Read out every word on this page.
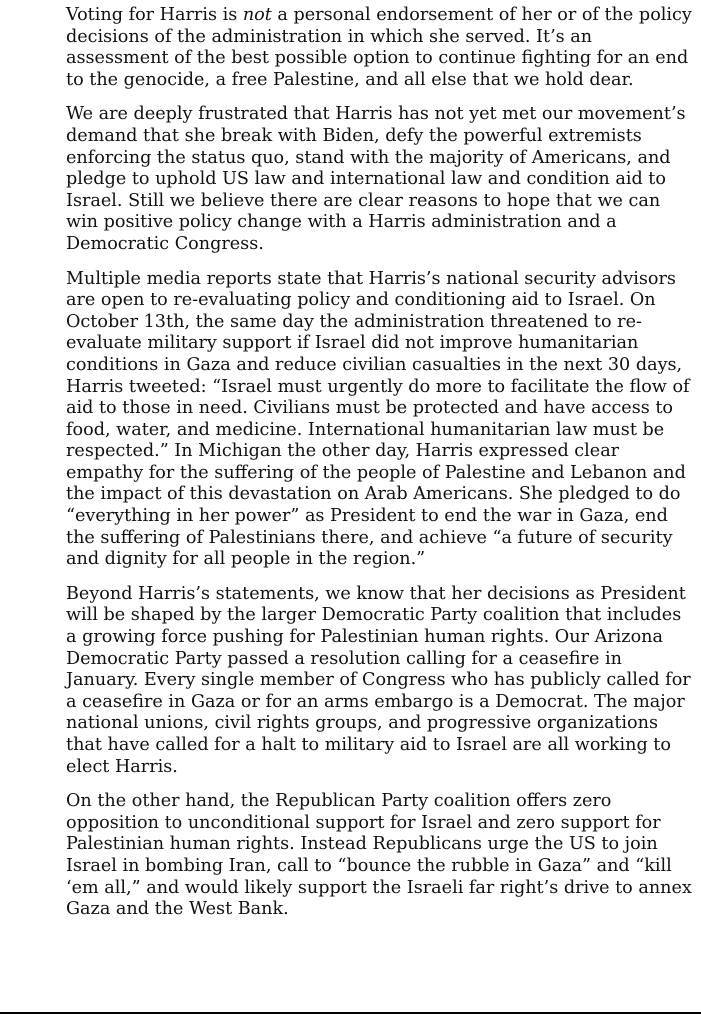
Voting for Harris is not a personal endorsement of her or of the policy decisions of the administration in which she served. It’s an assessment of the best possible option to continue fighting for an end to the genocide, a free Palestine, and all else that we hold dear.

We are deeply frustrated that Harris has not yet met our movement’s demand that she break with Biden, defy the powerful extremists enforcing the status quo, stand with the majority of Americans, and pledge to uphold US law and international law and condition aid to Israel. Still we believe there are clear reasons to hope that we can win positive policy change with a Harris administration and a Democratic Congress.

Multiple media reports state that Harris’s national security advisors are open to re-evaluating policy and conditioning aid to Israel. On October 13th, the same day the administration threatened to re-evaluate military support if Israel did not improve humanitarian conditions in Gaza and reduce civilian casualties in the next 30 days, Harris tweeted: “Israel must urgently do more to facilitate the flow of aid to those in need. Civilians must be protected and have access to food, water, and medicine. International humanitarian law must be respected.” In Michigan the other day, Harris expressed clear empathy for the suffering of the people of Palestine and Lebanon and the impact of this devastation on Arab Americans. She pledged to do “everything in her power” as President to end the war in Gaza, end the suffering of Palestinians there, and achieve “a future of security and dignity for all people in the region.”

Beyond Harris’s statements, we know that her decisions as President will be shaped by the larger Democratic Party coalition that includes a growing force pushing for Palestinian human rights. Our Arizona Democratic Party passed a resolution calling for a ceasefire in January. Every single member of Congress who has publicly called for a ceasefire in Gaza or for an arms embargo is a Democrat. The major national unions, civil rights groups, and progressive organizations that have called for a halt to military aid to Israel are all working to elect Harris.

On the other hand, the Republican Party coalition offers zero opposition to unconditional support for Israel and zero support for Palestinian human rights. Instead Republicans urge the US to join Israel in bombing Iran, call to “bounce the rubble in Gaza” and “kill ‘em all,” and would likely support the Israeli far right’s drive to annex Gaza and the West Bank.
